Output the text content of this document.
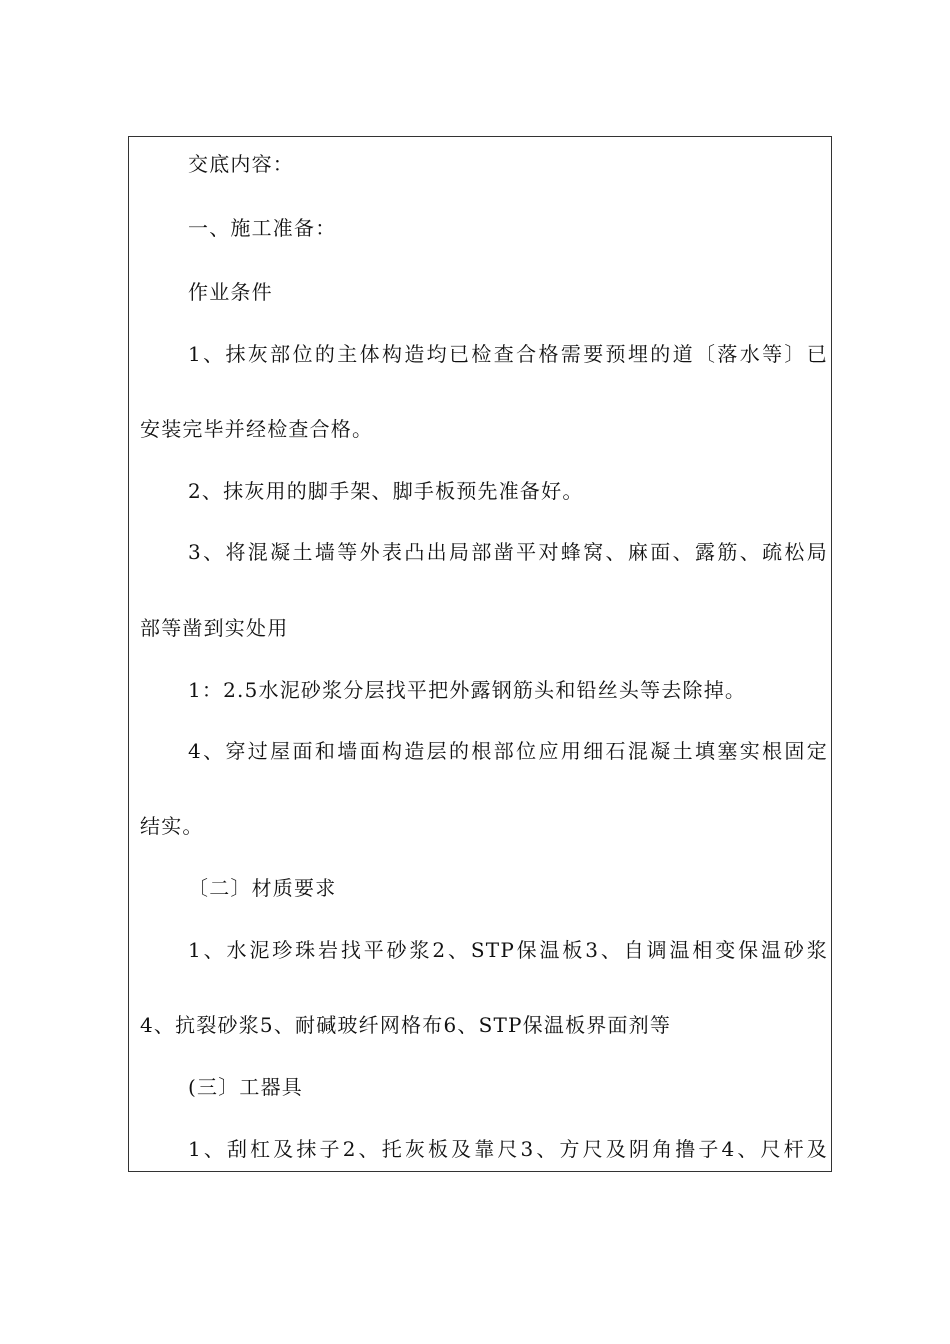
交底内容：
一、施工准备：
作业条件
1、抹灰部位的主体构造均已检查合格需要预埋的道〔落水等〕已
安装完毕并经检查合格。
2、抹灰用的脚手架、脚手板预先准备好。
3、将混凝土墙等外表凸出局部凿平对蜂窝、麻面、露筋、疏松局
部等凿到实处用
1：2.5水泥砂浆分层找平把外露钢筋头和铅丝头等去除掉。
4、穿过屋面和墙面构造层的根部位应用细石混凝土填塞实根固定
结实。
〔二〕材质要求
1、水泥珍珠岩找平砂浆2、STP保温板3、自调温相变保温砂浆
4、抗裂砂浆5、耐碱玻纤网格布6、STP保温板界面剂等
(三〕工器具
1、刮杠及抹子2、托灰板及靠尺3、方尺及阴角撸子4、尺杆及
